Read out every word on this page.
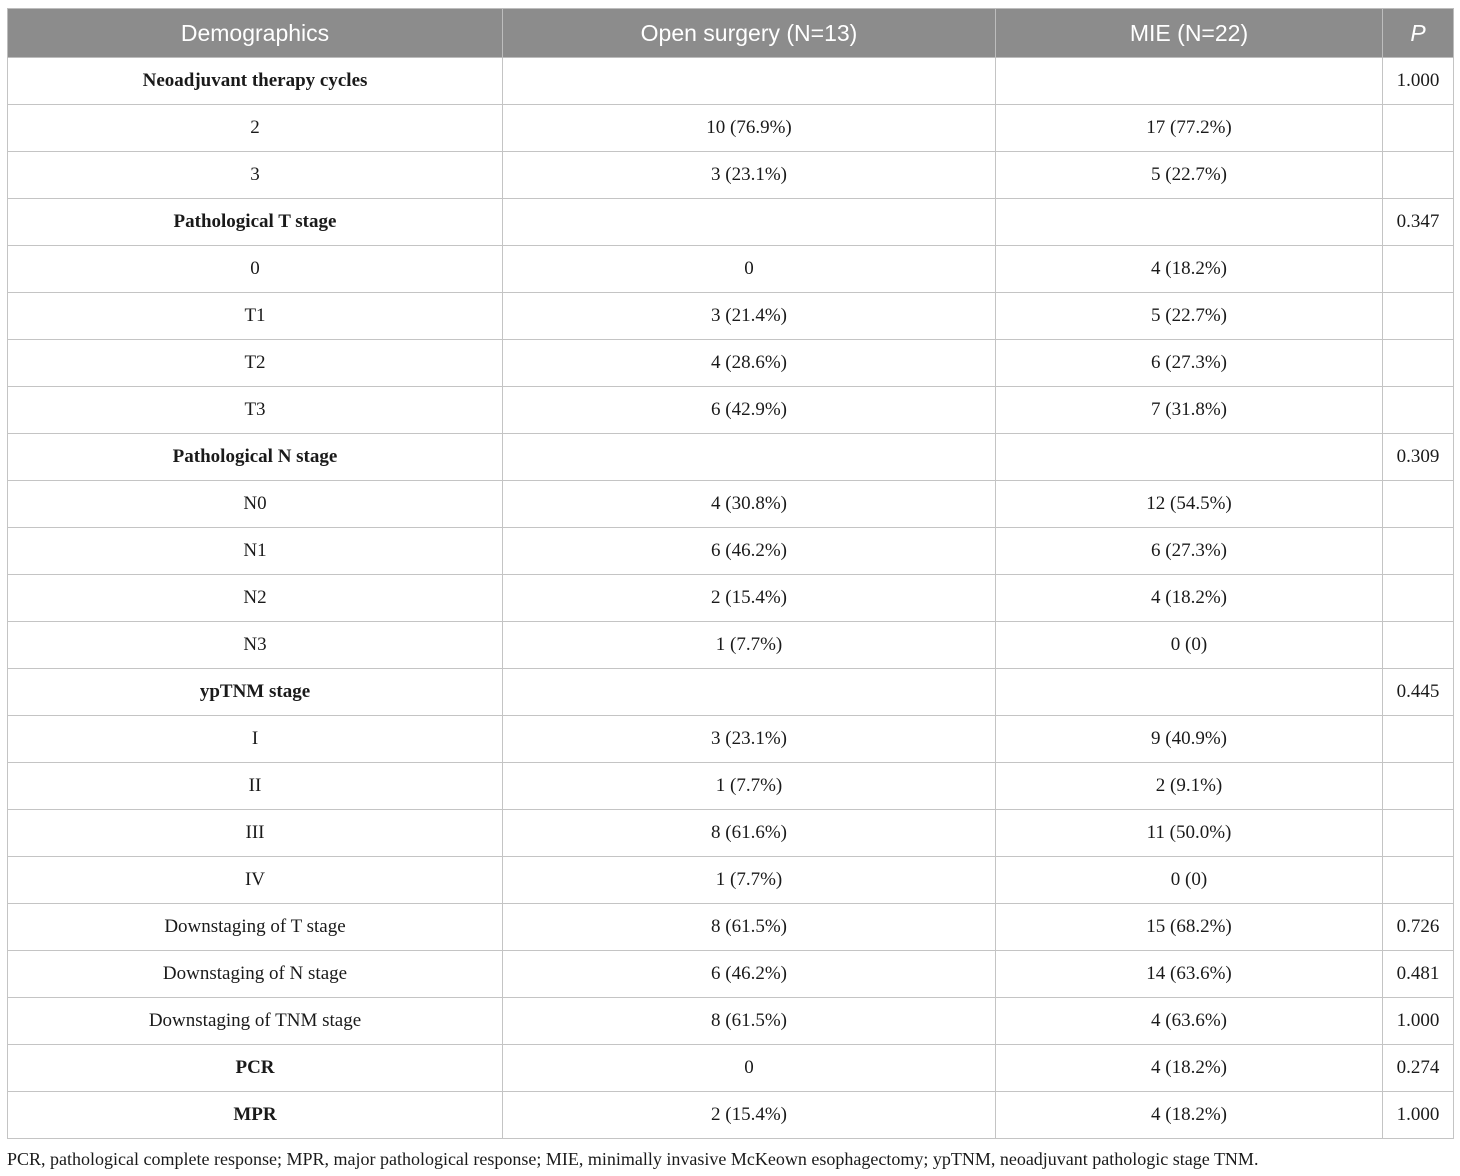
Demographics	Open surgery (N=13)	MIE (N=22)	P
Neoadjuvant therapy cycles			1.000
2	10 (76.9%)	17 (77.2%)	
3	3 (23.1%)	5 (22.7%)	
Pathological T stage			0.347
0	0	4 (18.2%)	
T1	3 (21.4%)	5 (22.7%)	
T2	4 (28.6%)	6 (27.3%)	
T3	6 (42.9%)	7 (31.8%)	
Pathological N stage			0.309
N0	4 (30.8%)	12 (54.5%)	
N1	6 (46.2%)	6 (27.3%)	
N2	2 (15.4%)	4 (18.2%)	
N3	1 (7.7%)	0 (0)	
ypTNM stage			0.445
I	3 (23.1%)	9 (40.9%)	
II	1 (7.7%)	2 (9.1%)	
III	8 (61.6%)	11 (50.0%)	
IV	1 (7.7%)	0 (0)	
Downstaging of T stage	8 (61.5%)	15 (68.2%)	0.726
Downstaging of N stage	6 (46.2%)	14 (63.6%)	0.481
Downstaging of TNM stage	8 (61.5%)	4 (63.6%)	1.000
PCR	0	4 (18.2%)	0.274
MPR	2 (15.4%)	4 (18.2%)	1.000
PCR, pathological complete response; MPR, major pathological response; MIE, minimally invasive McKeown esophagectomy; ypTNM, neoadjuvant pathologic stage TNM.
